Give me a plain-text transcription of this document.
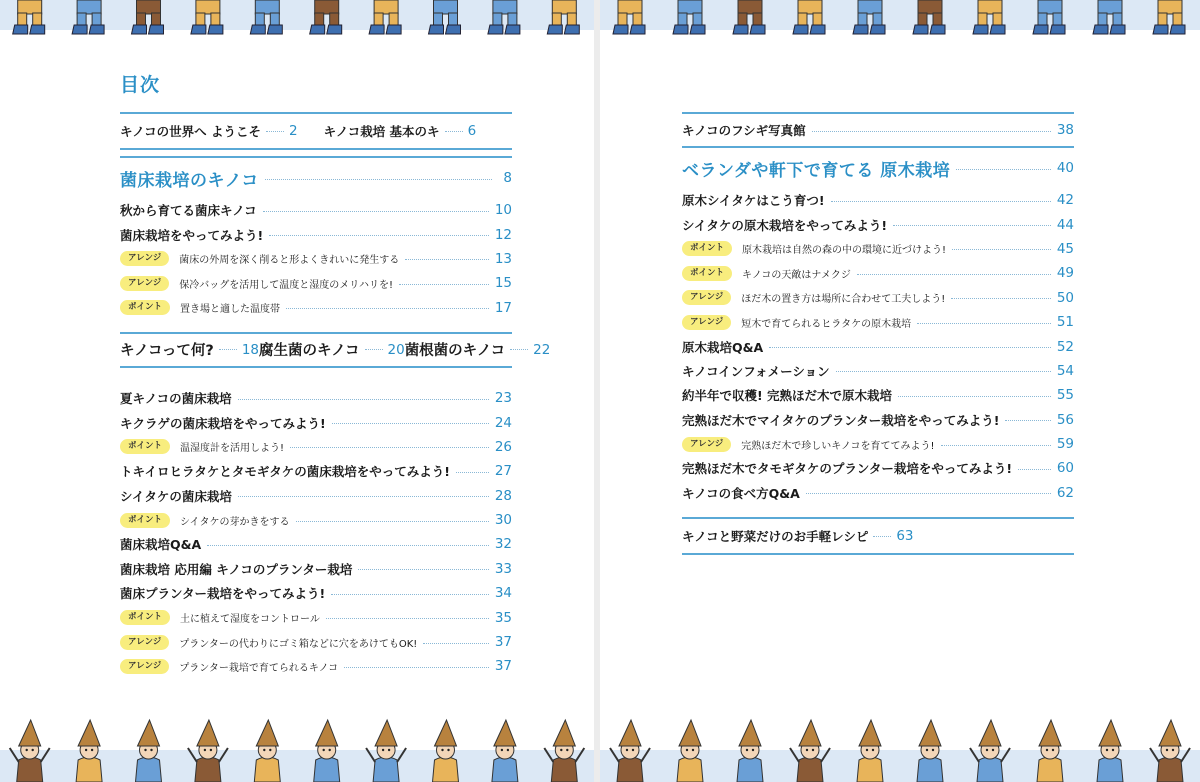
目次
キノコの世界へ ようこそ 2 キノコ栽培 基本のキ 6
菌床栽培のキノコ	8
秋から育てる菌床キノコ	10
菌床栽培をやってみよう!	12
アレンジ	菌床の外周を深く削ると形よくきれいに発生する	13
アレンジ	保冷バッグを活用して温度と湿度のメリハリを!	15
ポイント	置き場と適した温度帯	17
キノコって何? 18 腐生菌のキノコ 20 菌根菌のキノコ 22
夏キノコの菌床栽培	23
キクラゲの菌床栽培をやってみよう!	24
ポイント	温湿度計を活用しよう!	26
トキイロヒラタケとタモギタケの菌床栽培をやってみよう!	27
シイタケの菌床栽培	28
ポイント	シイタケの芽かきをする	30
菌床栽培Q&A	32
菌床栽培 応用編 キノコのプランター栽培	33
菌床プランター栽培をやってみよう!	34
ポイント	土に植えて湿度をコントロール	35
アレンジ	プランターの代わりにゴミ箱などに穴をあけてもOK!	37
アレンジ	プランター栽培で育てられるキノコ	37
キノコのフシギ写真館	38
ベランダや軒下で育てる 原木栽培	40
原木シイタケはこう育つ!	42
シイタケの原木栽培をやってみよう!	44
ポイント	原木栽培は自然の森の中の環境に近づけよう!	45
ポイント	キノコの天敵はナメクジ	49
アレンジ	ほだ木の置き方は場所に合わせて工夫しよう!	50
アレンジ	短木で育てられるヒラタケの原木栽培	51
原木栽培Q&A	52
キノコインフォメーション	54
約半年で収穫! 完熟ほだ木で原木栽培	55
完熟ほだ木でマイタケのプランター栽培をやってみよう!	56
アレンジ	完熟ほだ木で珍しいキノコを育ててみよう!	59
完熟ほだ木でタモギタケのプランター栽培をやってみよう!	60
キノコの食べ方Q&A	62
キノコと野菜だけのお手軽レシピ 63
